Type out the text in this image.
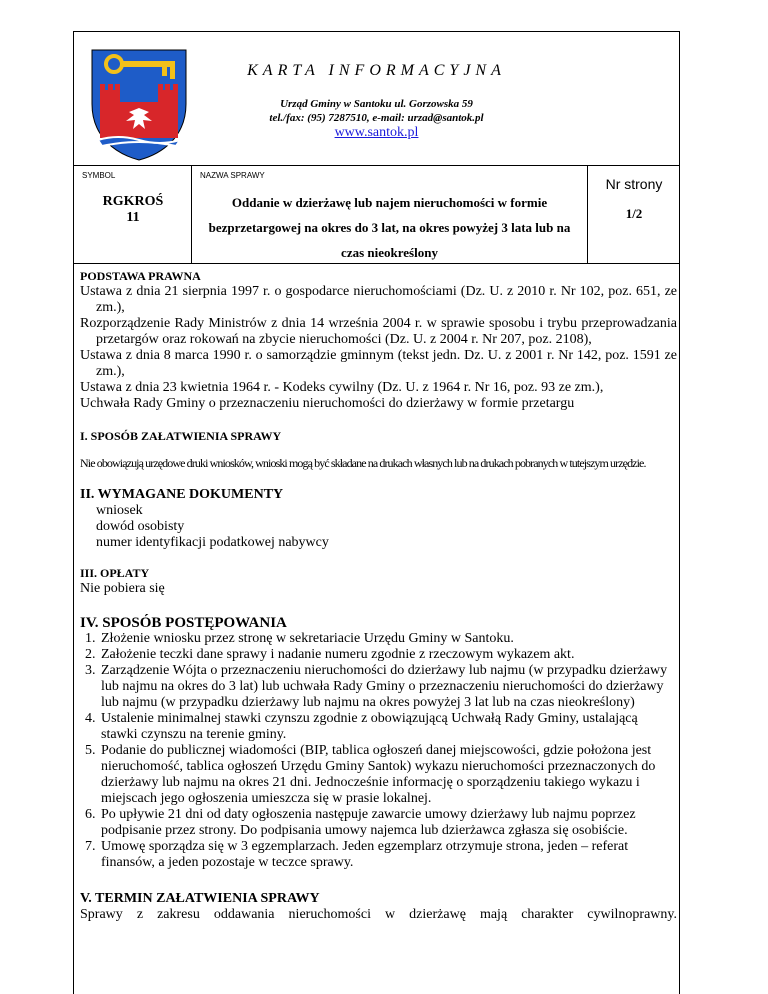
KARTA INFORMACYJNA
Urząd Gminy w Santoku ul. Gorzowska 59
tel./fax: (95) 7287510, e-mail: urzad@santok.pl
www.santok.pl
SYMBOL
RGKROŚ 11
NAZWA SPRAWY
Oddanie w dzierżawę lub najem nieruchomości w formie bezprzetargowej na okres do 3 lat, na okres powyżej 3 lata lub na czas nieokreślony
Nr strony
1/2
PODSTAWA PRAWNA

Ustawa z dnia 21 sierpnia 1997 r. o gospodarce nieruchomościami (Dz. U. z 2010 r. Nr 102, poz. 651, ze zm.),

Rozporządzenie Rady Ministrów z dnia 14 września 2004 r. w sprawie sposobu i trybu przeprowadzania przetargów oraz rokowań na zbycie nieruchomości (Dz. U. z 2004 r. Nr 207, poz. 2108),

Ustawa z dnia 8 marca 1990 r. o samorządzie gminnym (tekst jedn. Dz. U. z 2001 r. Nr 142, poz. 1591 ze zm.),

Ustawa z dnia 23 kwietnia 1964 r. - Kodeks cywilny (Dz. U. z 1964 r. Nr 16, poz. 93 ze zm.),

Uchwała Rady Gminy o przeznaczeniu nieruchomości do dzierżawy w formie przetargu

I. SPOSÓB ZAŁATWIENIA SPRAWY

Nie obowiązują urzędowe druki wniosków, wnioski mogą być składane na drukach własnych lub na drukach pobranych w tutejszym urzędzie.

II. WYMAGANE DOKUMENTY

wniosek

dowód osobisty

numer identyfikacji podatkowej nabywcy

III. OPŁATY

Nie pobiera się

IV. SPOSÓB POSTĘPOWANIA
1. Złożenie wniosku przez stronę w sekretariacie Urzędu Gminy w Santoku.
2. Założenie teczki dane sprawy i nadanie numeru zgodnie z rzeczowym wykazem akt.
3. Zarządzenie Wójta o przeznaczeniu nieruchomości do dzierżawy lub najmu (w przypadku dzierżawy lub najmu na okres do 3 lat) lub uchwała Rady Gminy o przeznaczeniu nieruchomości do dzierżawy lub najmu (w przypadku dzierżawy lub najmu na okres powyżej 3 lat lub na czas nieokreślony)
4. Ustalenie minimalnej stawki czynszu zgodnie z obowiązującą Uchwałą Rady Gminy, ustalającą stawki czynszu na terenie gminy.
5. Podanie do publicznej wiadomości (BIP, tablica ogłoszeń danej miejscowości, gdzie położona jest nieruchomość, tablica ogłoszeń Urzędu Gminy Santok) wykazu nieruchomości przeznaczonych do dzierżawy lub najmu na okres 21 dni. Jednocześnie informację o sporządzeniu takiego wykazu i miejscach jego ogłoszenia umieszcza się w prasie lokalnej.
6. Po upływie 21 dni od daty ogłoszenia następuje zawarcie umowy dzierżawy lub najmu poprzez podpisanie przez strony. Do podpisania umowy najemca lub dzierżawca zgłasza się osobiście.
7. Umowę sporządza się w 3 egzemplarzach. Jeden egzemplarz otrzymuje strona, jeden – referat finansów, a jeden pozostaje w teczce sprawy.
V. TERMIN ZAŁATWIENIA SPRAWY

Sprawy z zakresu oddawania nieruchomości w dzierżawę mają charakter cywilnoprawny.
